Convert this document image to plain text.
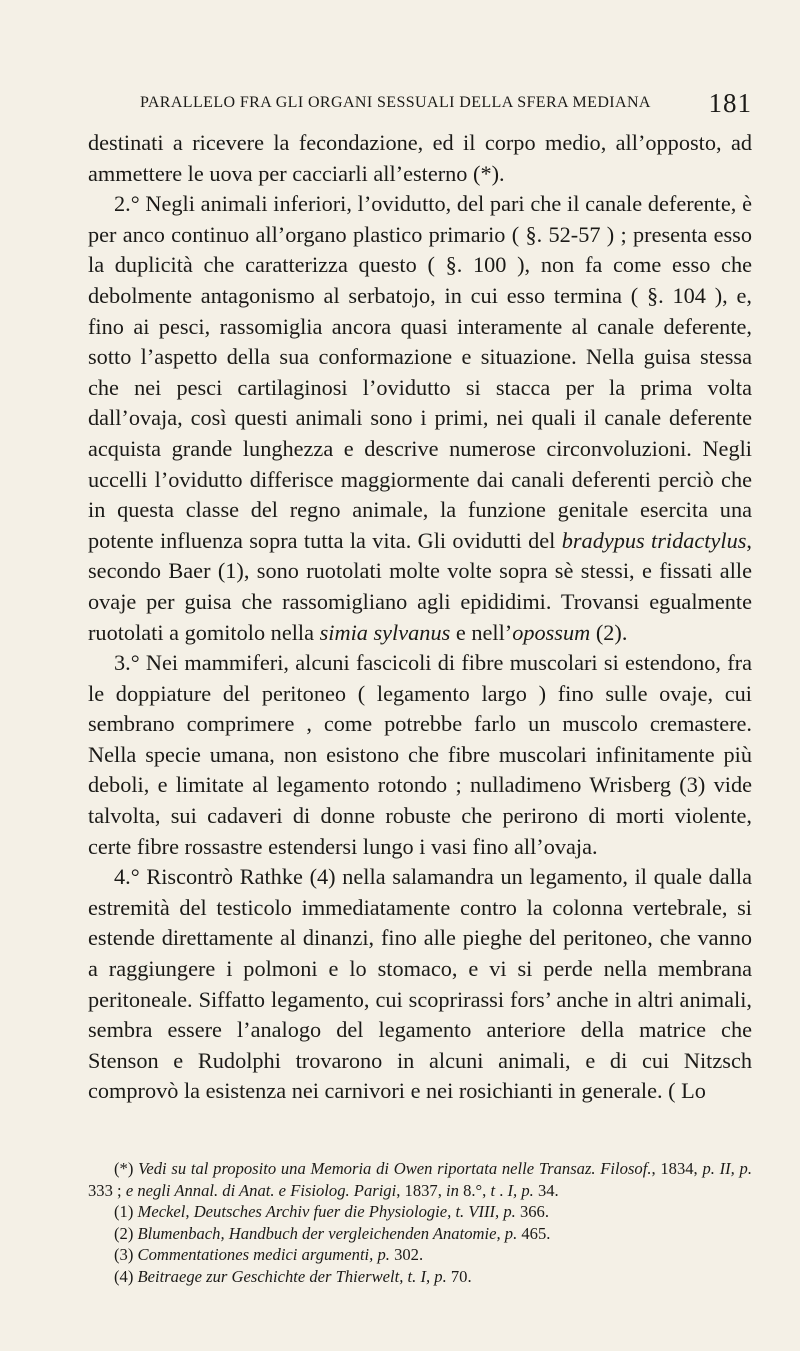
PARALLELO FRA GLI ORGANI SESSUALI DELLA SFERA MEDIANA 181

destinati a ricevere la fecondazione, ed il corpo medio, all’opposto, ad ammettere le uova per cacciarli all’esterno (*).

2.° Negli animali inferiori, l’ovidutto, del pari che il canale deferente, è per anco continuo all’organo plastico primario ( §. 52-57 ) ; presenta esso la duplicità che caratterizza questo ( §. 100 ), non fa come esso che debolmente antagonismo al serbatojo, in cui esso termina ( §. 104 ), e, fino ai pesci, rassomiglia ancora quasi interamente al canale deferente, sotto l’aspetto della sua conformazione e situazione. Nella guisa stessa che nei pesci cartilaginosi l’ovidutto si stacca per la prima volta dall’ovaja, così questi animali sono i primi, nei quali il canale deferente acquista grande lunghezza e descrive numerose circonvoluzioni. Negli uccelli l’ovidutto differisce maggiormente dai canali deferenti perciò che in questa classe del regno animale, la funzione genitale esercita una potente influenza sopra tutta la vita. Gli ovidutti del bradypus tridactylus, secondo Baer (1), sono ruotolati molte volte sopra sè stessi, e fissati alle ovaje per guisa che rassomigliano agli epididimi. Trovansi egualmente ruotolati a gomitolo nella simia sylvanus e nell’opossum (2).

3.° Nei mammiferi, alcuni fascicoli di fibre muscolari si estendono, fra le doppiature del peritoneo ( legamento largo ) fino sulle ovaje, cui sembrano comprimere , come potrebbe farlo un muscolo cremastere. Nella specie umana, non esistono che fibre muscolari infinitamente più deboli, e limitate al legamento rotondo ; nulladimeno Wrisberg (3) vide talvolta, sui cadaveri di donne robuste che perirono di morti violente, certe fibre rossastre estendersi lungo i vasi fino all’ovaja.

4.° Riscontrò Rathke (4) nella salamandra un legamento, il quale dalla estremità del testicolo immediatamente contro la colonna vertebrale, si estende direttamente al dinanzi, fino alle pieghe del peritoneo, che vanno a raggiungere i polmoni e lo stomaco, e vi si perde nella membrana peritoneale. Siffatto legamento, cui scoprirassi fors’ anche in altri animali, sembra essere l’analogo del legamento anteriore della matrice che Stenson e Rudolphi trovarono in alcuni animali, e di cui Nitzsch comprovò la esistenza nei carnivori e nei rosichianti in generale. ( Lo

(*) Vedi su tal proposito una Memoria di Owen riportata nelle Transaz. Filosof., 1834, p. II, p. 333 ; e negli Annal. di Anat. e Fisiolog. Parigi, 1837, in 8.°, t . I, p. 34.

(1) Meckel, Deutsches Archiv fuer die Physiologie, t. VIII, p. 366.

(2) Blumenbach, Handbuch der vergleichenden Anatomie, p. 465.

(3) Commentationes medici argumenti, p. 302.

(4) Beitraege zur Geschichte der Thierwelt, t. I, p. 70.
